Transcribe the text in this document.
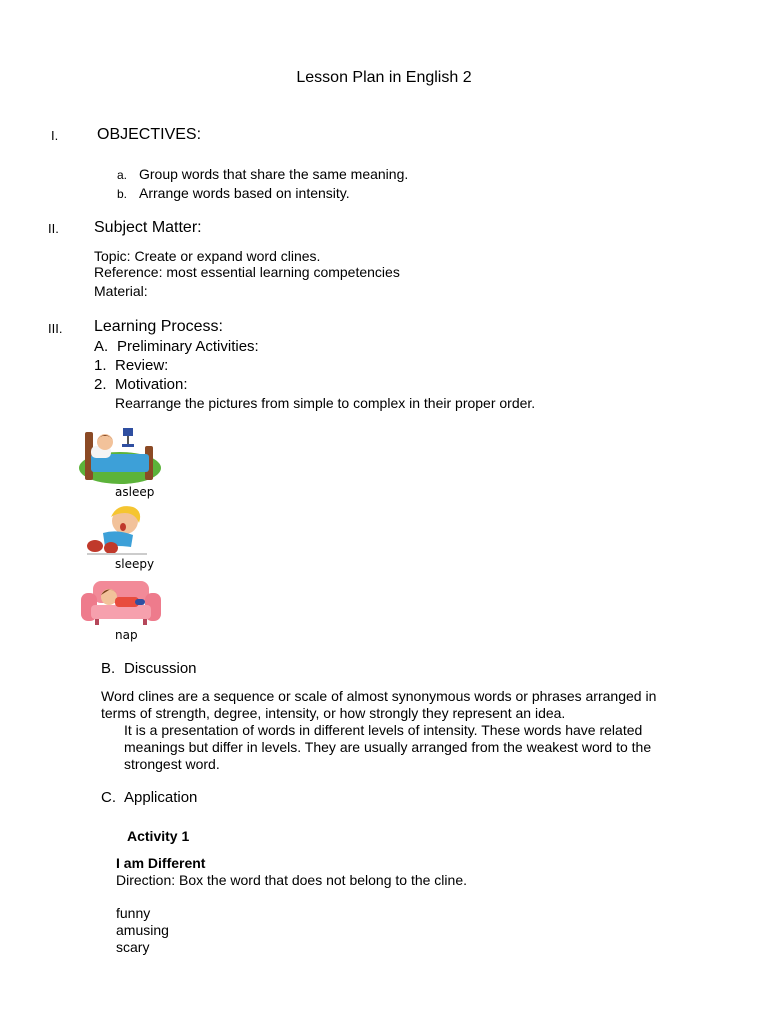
Lesson Plan in English 2
I. OBJECTIVES:
a. Group words that share the same meaning.
b. Arrange words based on intensity.
II. Subject Matter:
Topic: Create or expand word clines.
Reference: most essential learning competencies
Material:
III. Learning Process:
A. Preliminary Activities:
1. Review:
2. Motivation:
Rearrange the pictures from simple to complex in their proper order.
asleep
sleepy
nap
B. Discussion
Word clines are a sequence or scale of almost synonymous words or phrases arranged in
terms of strength, degree, intensity, or how strongly they represent an idea.
It is a presentation of words in different levels of intensity. These words have related
meanings but differ in levels. They are usually arranged from the weakest word to the
strongest word.
C. Application
Activity 1
I am Different
Direction: Box the word that does not belong to the cline.
funny
amusing
scary
